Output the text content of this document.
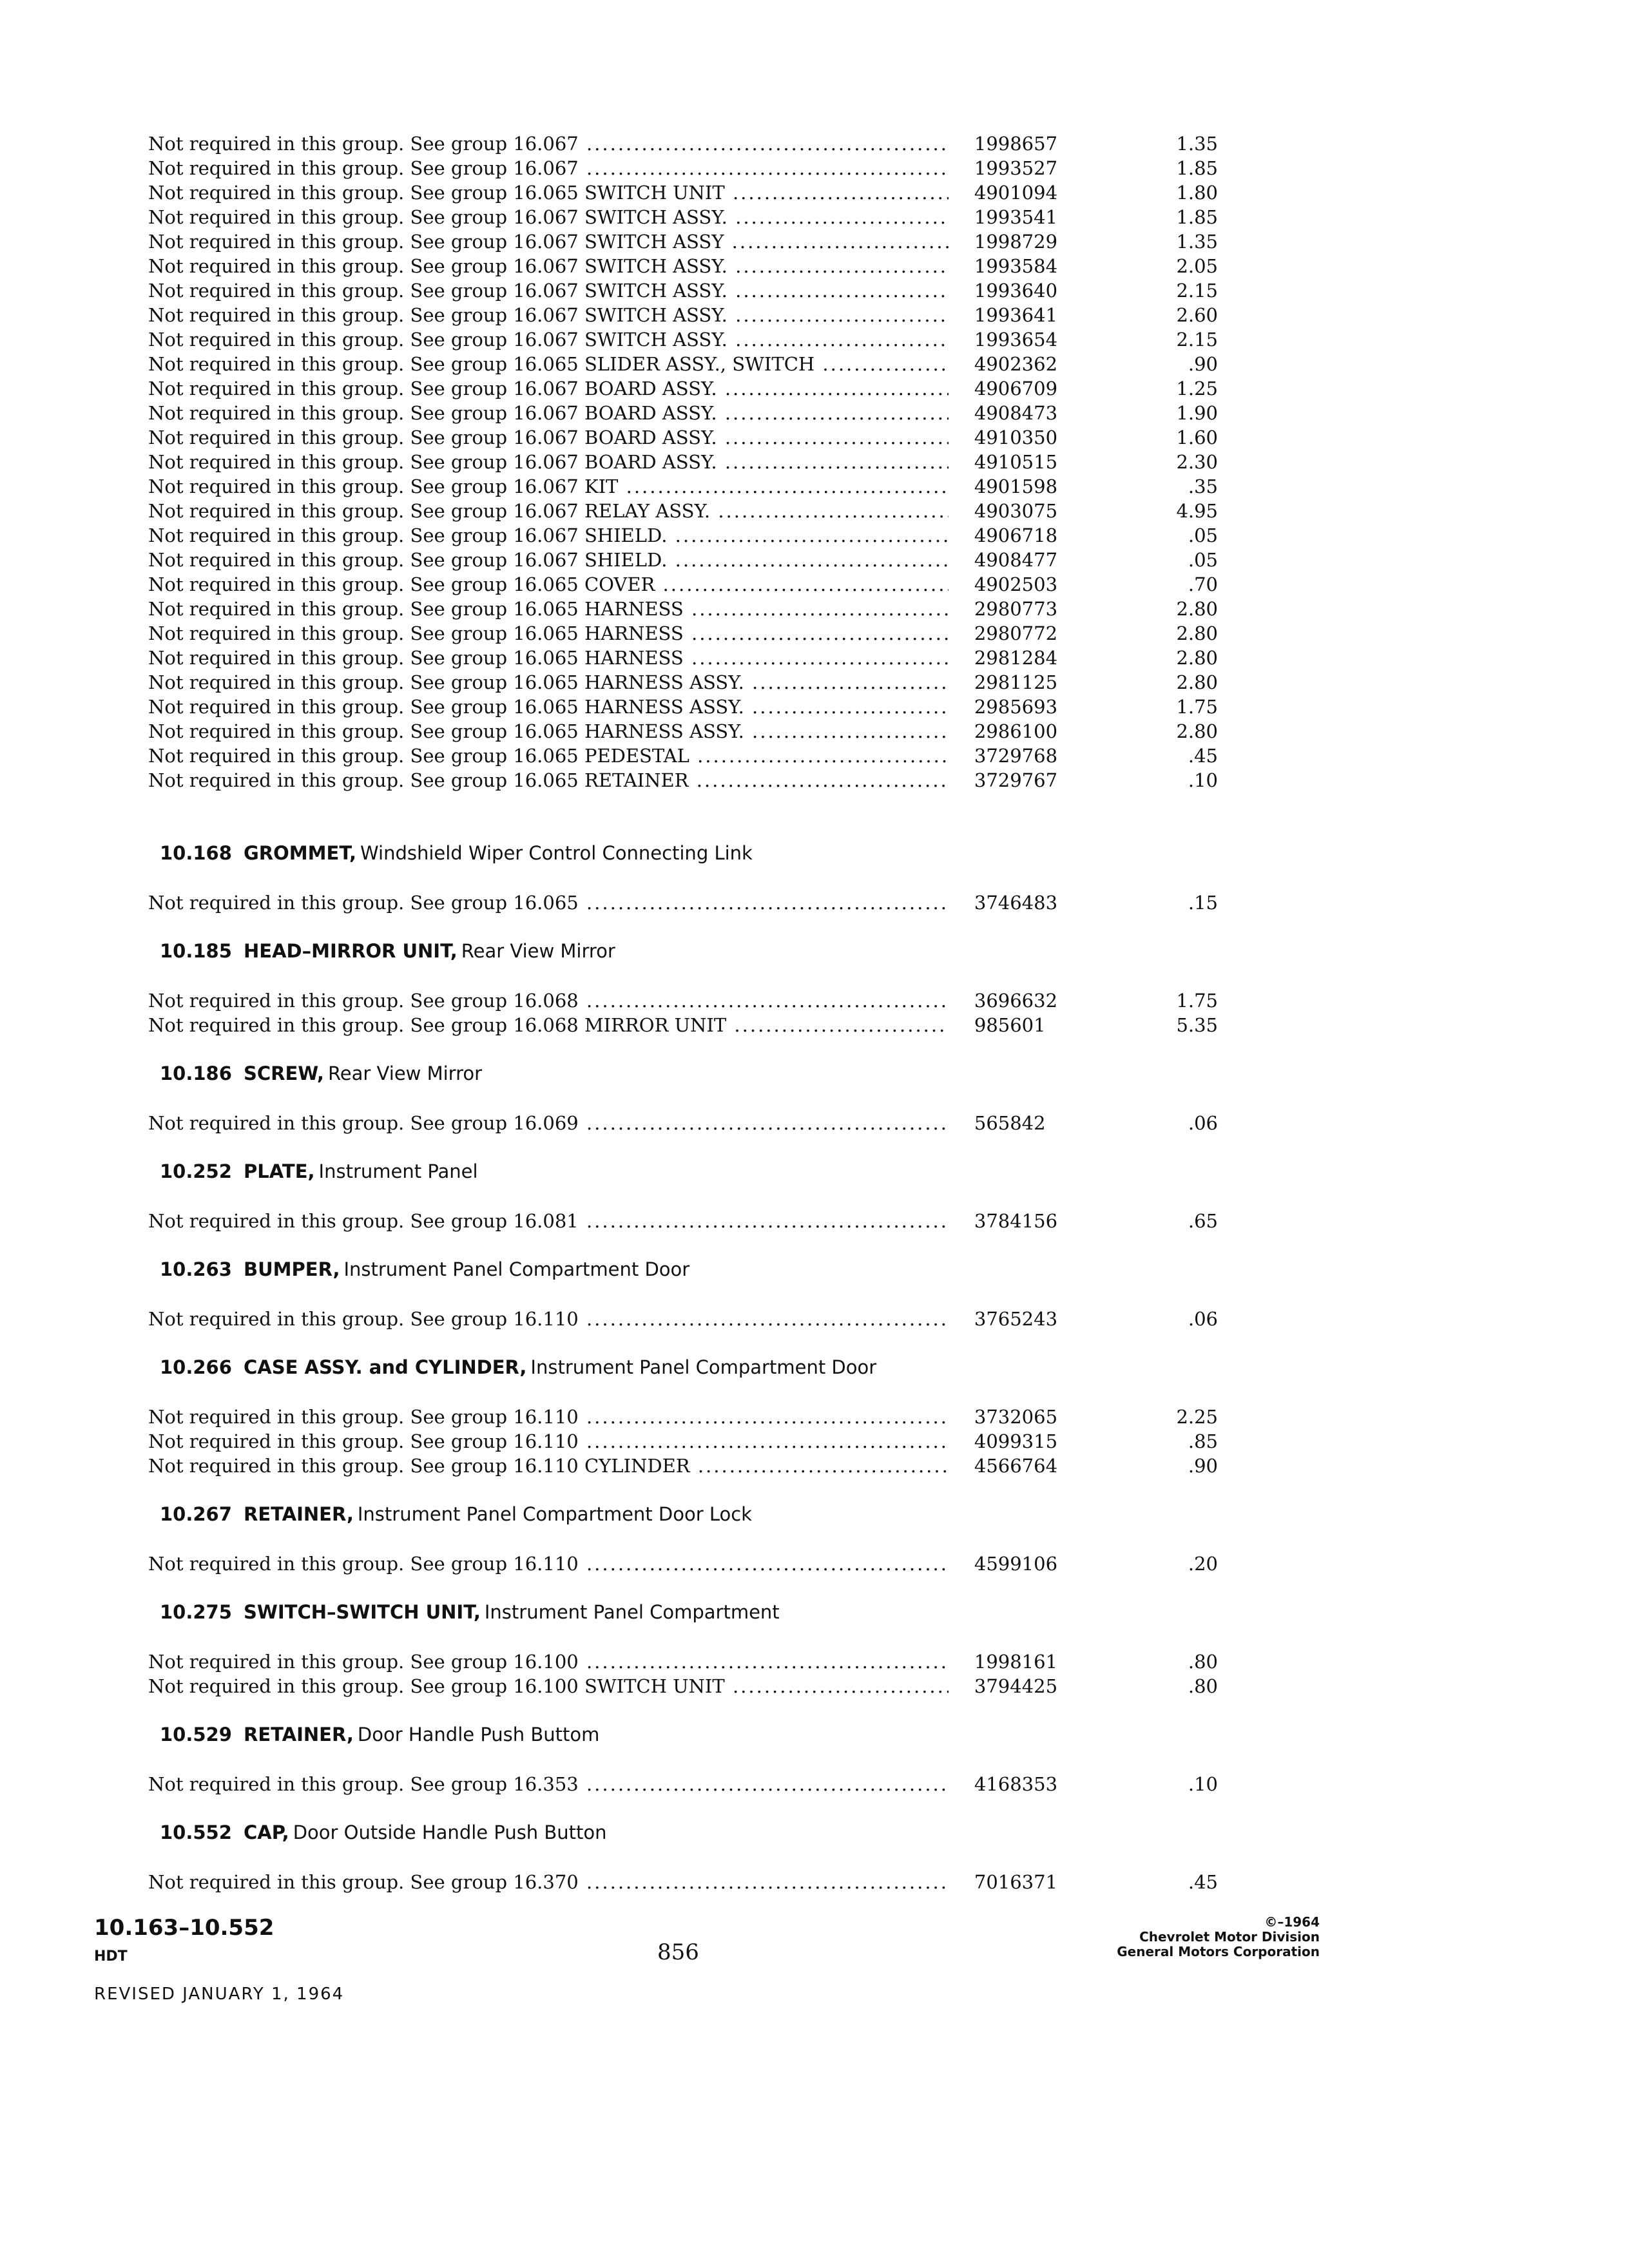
Not required in this group. See group 16.067 .....	1998657	1.35
Not required in this group. See group 16.067 .....	1993527	1.85
Not required in this group. See group 16.065 SWITCH UNIT .....	4901094	1.80
Not required in this group. See group 16.067 SWITCH ASSY. .....	1993541	1.85
Not required in this group. See group 16.067 SWITCH ASSY .....	1998729	1.35
Not required in this group. See group 16.067 SWITCH ASSY. .....	1993584	2.05
Not required in this group. See group 16.067 SWITCH ASSY. .....	1993640	2.15
Not required in this group. See group 16.067 SWITCH ASSY. .....	1993641	2.60
Not required in this group. See group 16.067 SWITCH ASSY. .....	1993654	2.15
Not required in this group. See group 16.065 SLIDER ASSY., SWITCH .....	4902362	.90
Not required in this group. See group 16.067 BOARD ASSY. .....	4906709	1.25
Not required in this group. See group 16.067 BOARD ASSY. .....	4908473	1.90
Not required in this group. See group 16.067 BOARD ASSY. .....	4910350	1.60
Not required in this group. See group 16.067 BOARD ASSY. .....	4910515	2.30
Not required in this group. See group 16.067 KIT .....	4901598	.35
Not required in this group. See group 16.067 RELAY ASSY. .....	4903075	4.95
Not required in this group. See group 16.067 SHIELD. .....	4906718	.05
Not required in this group. See group 16.067 SHIELD. .....	4908477	.05
Not required in this group. See group 16.065 COVER .....	4902503	.70
Not required in this group. See group 16.065 HARNESS .....	2980773	2.80
Not required in this group. See group 16.065 HARNESS .....	2980772	2.80
Not required in this group. See group 16.065 HARNESS .....	2981284	2.80
Not required in this group. See group 16.065 HARNESS ASSY. .....	2981125	2.80
Not required in this group. See group 16.065 HARNESS ASSY. .....	2985693	1.75
Not required in this group. See group 16.065 HARNESS ASSY. .....	2986100	2.80
Not required in this group. See group 16.065 PEDESTAL .....	3729768	.45
Not required in this group. See group 16.065 RETAINER .....	3729767	.10
10.168 GROMMET, Windshield Wiper Control Connecting Link
Not required in this group. See group 16.065 .....	3746483	.15
10.185 HEAD–MIRROR UNIT, Rear View Mirror
Not required in this group. See group 16.068 .....	3696632	1.75
Not required in this group. See group 16.068 MIRROR UNIT .....	985601	5.35
10.186 SCREW, Rear View Mirror
Not required in this group. See group 16.069 .....	565842	.06
10.252 PLATE, Instrument Panel
Not required in this group. See group 16.081 .....	3784156	.65
10.263 BUMPER, Instrument Panel Compartment Door
Not required in this group. See group 16.110 .....	3765243	.06
10.266 CASE ASSY. and CYLINDER, Instrument Panel Compartment Door
Not required in this group. See group 16.110 .....	3732065	2.25
Not required in this group. See group 16.110 .....	4099315	.85
Not required in this group. See group 16.110 CYLINDER .....	4566764	.90
10.267 RETAINER, Instrument Panel Compartment Door Lock
Not required in this group. See group 16.110 .....	4599106	.20
10.275 SWITCH–SWITCH UNIT, Instrument Panel Compartment
Not required in this group. See group 16.100 .....	1998161	.80
Not required in this group. See group 16.100 SWITCH UNIT .....	3794425	.80
10.529 RETAINER, Door Handle Push Buttom
Not required in this group. See group 16.353 .....	4168353	.10
10.552 CAP, Door Outside Handle Push Button
Not required in this group. See group 16.370 .....	7016371	.45
10.163–10.552
HDT	856
REVISED JANUARY 1, 1964
©–1964
Chevrolet Motor Division
General Motors Corporation
